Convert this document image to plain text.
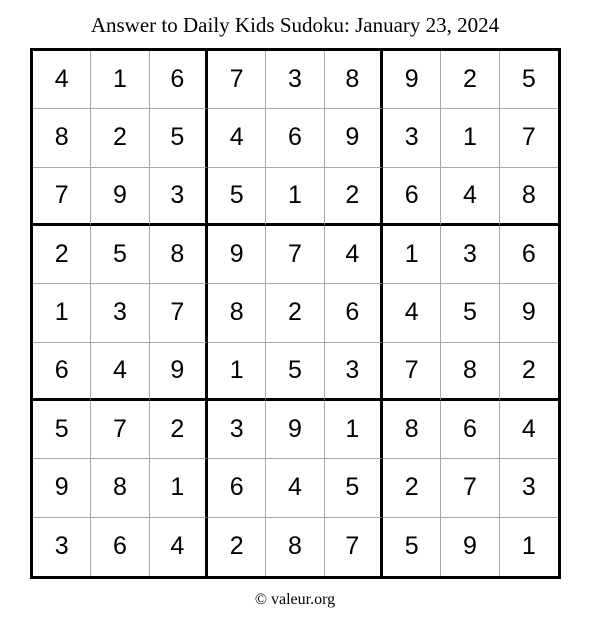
Answer to Daily Kids Sudoku: January 23, 2024
4	1	6	7	3	8	9	2	5
8	2	5	4	6	9	3	1	7
7	9	3	5	1	2	6	4	8
2	5	8	9	7	4	1	3	6
1	3	7	8	2	6	4	5	9
6	4	9	1	5	3	7	8	2
5	7	2	3	9	1	8	6	4
9	8	1	6	4	5	2	7	3
3	6	4	2	8	7	5	9	1
© valeur.org
